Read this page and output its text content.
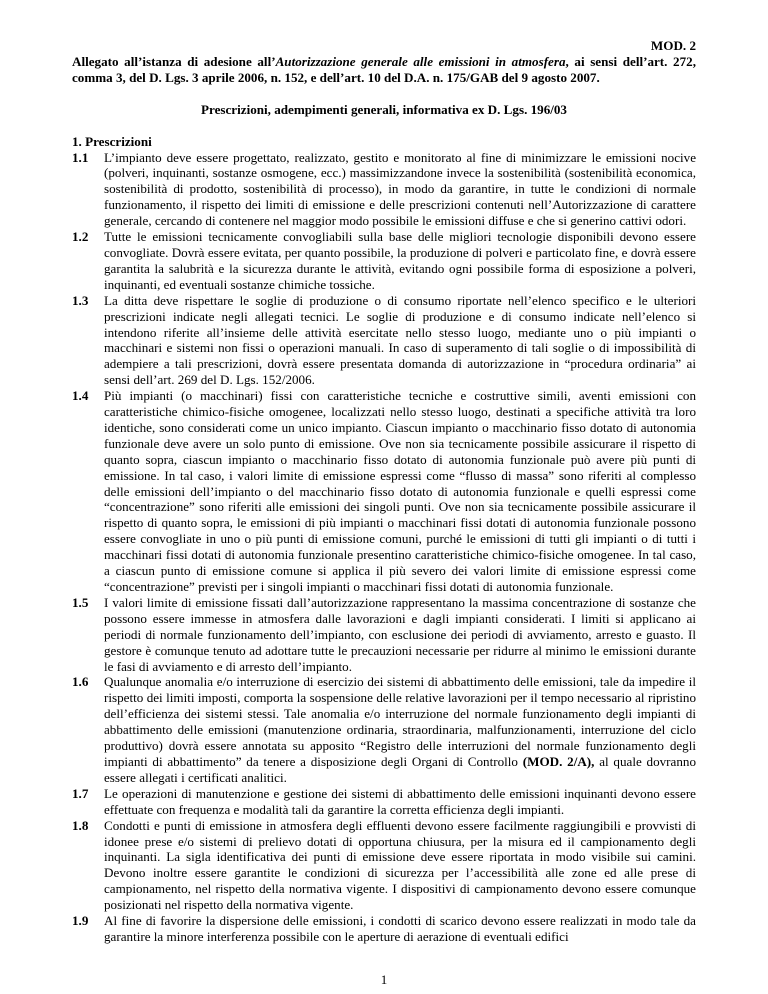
MOD. 2
Allegato all’istanza di adesione all’Autorizzazione generale alle emissioni in atmosfera, ai sensi dell’art. 272, comma 3, del D. Lgs. 3 aprile 2006, n. 152, e dell’art. 10 del D.A. n. 175/GAB del 9 agosto 2007.
Prescrizioni, adempimenti generali, informativa ex D. Lgs. 196/03
1. Prescrizioni
1.1	L’impianto deve essere progettato, realizzato, gestito e monitorato al fine di minimizzare le emissioni nocive (polveri, inquinanti, sostanze osmogene, ecc.) massimizzandone invece la sostenibilità (sostenibilità economica, sostenibilità di prodotto, sostenibilità di processo), in modo da garantire, in tutte le condizioni di normale funzionamento, il rispetto dei limiti di emissione e delle prescrizioni contenuti nell’Autorizzazione di carattere generale, cercando di contenere nel maggior modo possibile le emissioni diffuse e che si generino cattivi odori.
1.2	Tutte le emissioni tecnicamente convogliabili sulla base delle migliori tecnologie disponibili devono essere convogliate. Dovrà essere evitata, per quanto possibile, la produzione di polveri e particolato fine, e dovrà essere garantita la salubrità e la sicurezza durante le attività, evitando ogni possibile forma di esposizione a polveri, inquinanti, ed eventuali sostanze chimiche tossiche.
1.3	La ditta deve rispettare le soglie di produzione o di consumo riportate nell’elenco specifico e le ulteriori prescrizioni indicate negli allegati tecnici. Le soglie di produzione e di consumo indicate nell’elenco si intendono riferite all’insieme delle attività esercitate nello stesso luogo, mediante uno o più impianti o macchinari e sistemi non fissi o operazioni manuali. In caso di superamento di tali soglie o di impossibilità di adempiere a tali prescrizioni, dovrà essere presentata domanda di autorizzazione in “procedura ordinaria” ai sensi dell’art. 269 del D. Lgs. 152/2006.
1.4	Più impianti (o macchinari) fissi con caratteristiche tecniche e costruttive simili, aventi emissioni con caratteristiche chimico-fisiche omogenee, localizzati nello stesso luogo, destinati a specifiche attività tra loro identiche, sono considerati come un unico impianto. Ciascun impianto o macchinario fisso dotato di autonomia funzionale deve avere un solo punto di emissione. Ove non sia tecnicamente possibile assicurare il rispetto di quanto sopra, ciascun impianto o macchinario fisso dotato di autonomia funzionale può avere più punti di emissione. In tal caso, i valori limite di emissione espressi come “flusso di massa” sono riferiti al complesso delle emissioni dell’impianto o del macchinario fisso dotato di autonomia funzionale e quelli espressi come “concentrazione” sono riferiti alle emissioni dei singoli punti. Ove non sia tecnicamente possibile assicurare il rispetto di quanto sopra, le emissioni di più impianti o macchinari fissi dotati di autonomia funzionale possono essere convogliate in uno o più punti di emissione comuni, purché le emissioni di tutti gli impianti o di tutti i macchinari fissi dotati di autonomia funzionale presentino caratteristiche chimico-fisiche omogenee. In tal caso, a ciascun punto di emissione comune si applica il più severo dei valori limite di emissione espressi come “concentrazione” previsti per i singoli impianti o macchinari fissi dotati di autonomia funzionale.
1.5	I valori limite di emissione fissati dall’autorizzazione rappresentano la massima concentrazione di sostanze che possono essere immesse in atmosfera dalle lavorazioni e dagli impianti considerati. I limiti si applicano ai periodi di normale funzionamento dell’impianto, con esclusione dei periodi di avviamento, arresto e guasto. Il gestore è comunque tenuto ad adottare tutte le precauzioni necessarie per ridurre al minimo le emissioni durante le fasi di avviamento e di arresto dell’impianto.
1.6	Qualunque anomalia e/o interruzione di esercizio dei sistemi di abbattimento delle emissioni, tale da impedire il rispetto dei limiti imposti, comporta la sospensione delle relative lavorazioni per il tempo necessario al ripristino dell’efficienza dei sistemi stessi. Tale anomalia e/o interruzione del normale funzionamento degli impianti di abbattimento delle emissioni (manutenzione ordinaria, straordinaria, malfunzionamenti, interruzione del ciclo produttivo) dovrà essere annotata su apposito “Registro delle interruzioni del normale funzionamento degli impianti di abbattimento” da tenere a disposizione degli Organi di Controllo (MOD. 2/A), al quale dovranno essere allegati i certificati analitici.
1.7	Le operazioni di manutenzione e gestione dei sistemi di abbattimento delle emissioni inquinanti devono essere effettuate con frequenza e modalità tali da garantire la corretta efficienza degli impianti.
1.8	Condotti e punti di emissione in atmosfera degli effluenti devono essere facilmente raggiungibili e provvisti di idonee prese e/o sistemi di prelievo dotati di opportuna chiusura, per la misura ed il campionamento degli inquinanti. La sigla identificativa dei punti di emissione deve essere riportata in modo visibile sui camini. Devono inoltre essere garantite le condizioni di sicurezza per l’accessibilità alle zone ed alle prese di campionamento, nel rispetto della normativa vigente. I dispositivi di campionamento devono essere comunque posizionati nel rispetto della normativa vigente.
1.9	Al fine di favorire la dispersione delle emissioni, i condotti di scarico devono essere realizzati in modo tale da garantire la minore interferenza possibile con le aperture di aerazione di eventuali edifici
1
